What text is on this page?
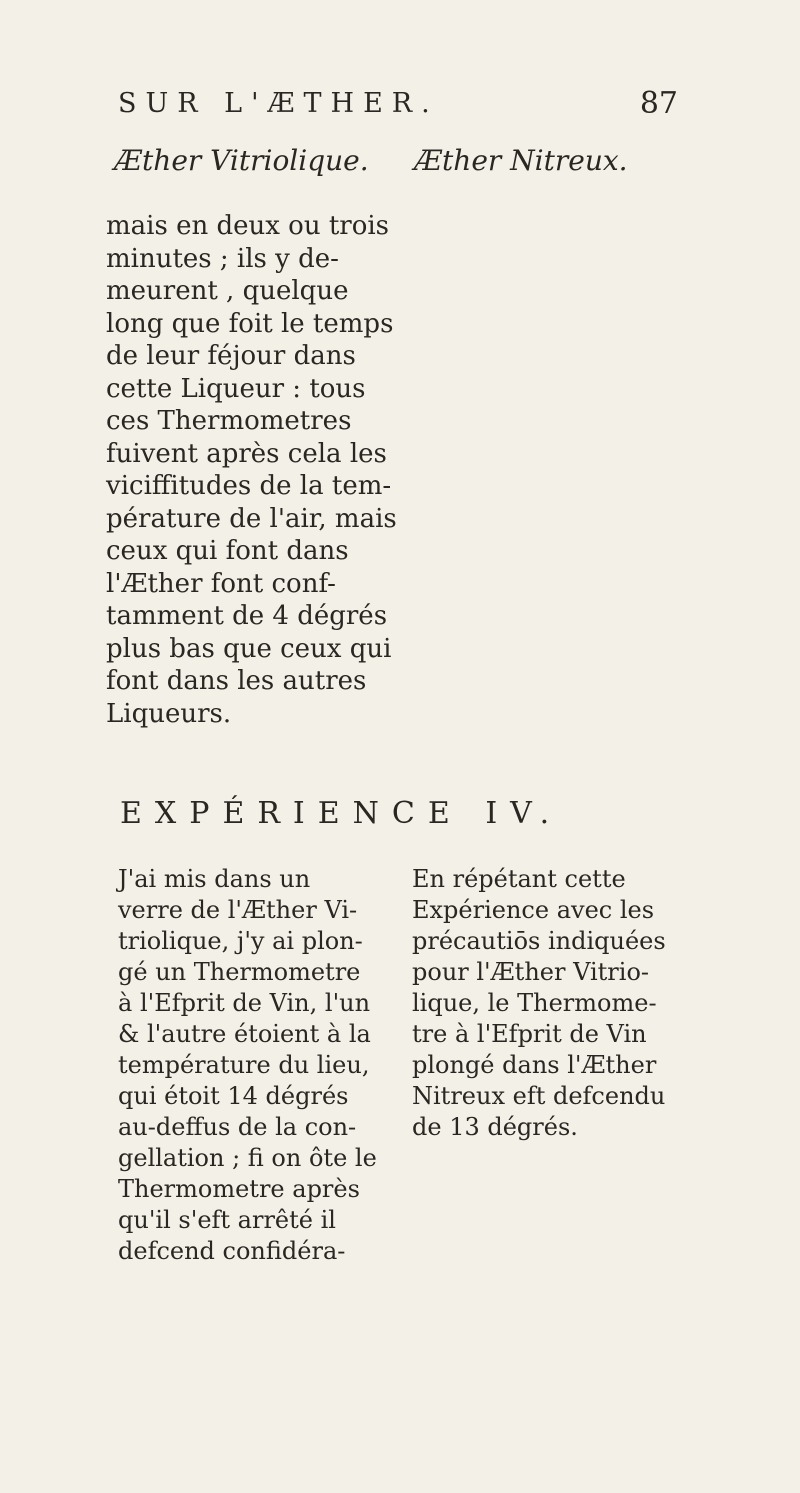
SUR L'ÆTHER.	87
Æther Vitriolique. Æther Nitreux.
mais en deux ou trois
minutes ; ils y de-
meurent , quelque
long que foit le temps
de leur féjour dans
cette Liqueur : tous
ces Thermometres
fuivent après cela les
viciffitudes de la tem-
pérature de l'air, mais
ceux qui font dans
l'Æther font conf-
tamment de 4 dégrés
plus bas que ceux qui
font dans les autres
Liqueurs.
EXPÉRIENCE IV.
J'ai mis dans un
verre de l'Æther Vi-
triolique, j'y ai plon-
gé un Thermometre
à l'Efprit de Vin, l'un
& l'autre étoient à la
température du lieu,
qui étoit 14 dégrés
au-deffus de la con-
gellation ; fi on ôte le
Thermometre après
qu'il s'eft arrêté il
defcend confidéra-
En répétant cette
Expérience avec les
précautiōs indiquées
pour l'Æther Vitrio-
lique, le Thermome-
tre à l'Efprit de Vin
plongé dans l'Æther
Nitreux eft defcendu
de 13 dégrés.
